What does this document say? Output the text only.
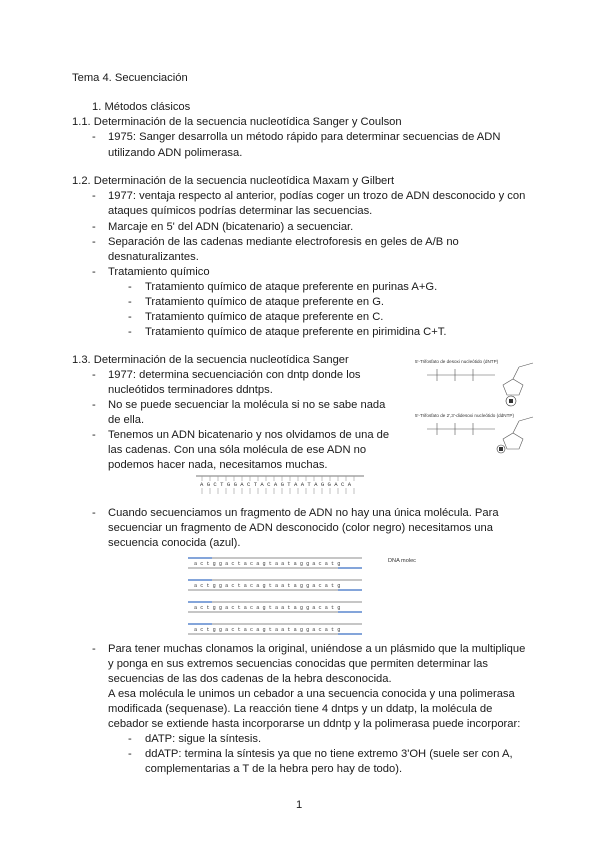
Tema 4. Secuenciación
1. Métodos clásicos
1.1. Determinación de la secuencia nucleotídica Sanger y Coulson
- 1975: Sanger desarrolla un método rápido para determinar secuencias de ADN
utilizando ADN polimerasa.
1.2. Determinación de la secuencia nucleotídica Maxam y Gilbert
- 1977: ventaja respecto al anterior, podías coger un trozo de ADN desconocido y con
ataques químicos podrías determinar las secuencias.
- Marcaje en 5' del ADN (bicatenario) a secuenciar.
- Separación de las cadenas mediante electroforesis en geles de A/B no
desnaturalizantes.
- Tratamiento químico
- Tratamiento químico de ataque preferente en purinas A+G.
- Tratamiento químico de ataque preferente en G.
- Tratamiento químico de ataque preferente en C.
- Tratamiento químico de ataque preferente en pirimidina C+T.
1.3. Determinación de la secuencia nucleotídica Sanger
- 1977: determina secuenciación con dntp donde los
nucleótidos terminadores ddntps.
- No se puede secuenciar la molécula si no se sabe nada
de ella.
- Tenemos un ADN bicatenario y nos olvidamos de una de
las cadenas. Con una sóla molécula de ese ADN no
podemos hacer nada, necesitamos muchas.
5'-Trifosfato de desoxi nucleótido (dNTP)
5'-Trifosfato de 2',3'-didesoxi nucleótido (ddNTP)
A G C T G G A C T A C A G T A A T A G G A C A
- Cuando secuenciamos un fragmento de ADN no hay una única molécula. Para
secuenciar un fragmento de ADN desconocido (color negro) necesitamos una
secuencia conocida (azul).
DNA molec
a c t g g a c t a c a g t a a t a g g a c a t g
a c t g g a c t a c a g t a a t a g g a c a t g
a c t g g a c t a c a g t a a t a g g a c a t g
a c t g g a c t a c a g t a a t a g g a c a t g
- Para tener muchas clonamos la original, uniéndose a un plásmido que la multiplique
y ponga en sus extremos secuencias conocidas que permiten determinar las
secuencias de las dos cadenas de la hebra desconocida.
A esa molécula le unimos un cebador a una secuencia conocida y una polimerasa
modificada (sequenase). La reacción tiene 4 dntps y un ddatp, la molécula de
cebador se extiende hasta incorporarse un ddntp y la polimerasa puede incorporar:
- dATP: sigue la síntesis.
- ddATP: termina la síntesis ya que no tiene extremo 3'OH (suele ser con A,
complementarias a T de la hebra pero hay de todo).
1
